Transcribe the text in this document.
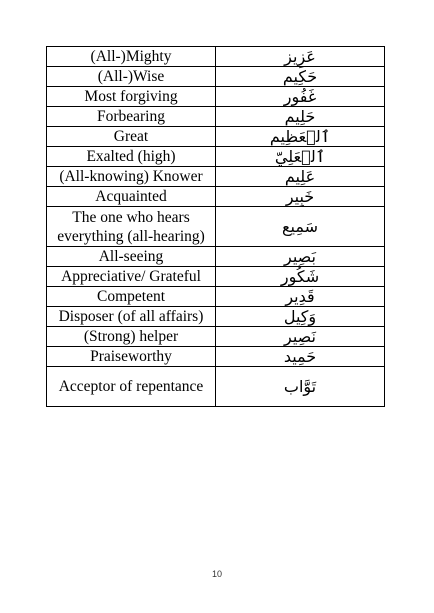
(All-)Mighty	عَزِيز
(All-)Wise	حَكِيم
Most forgiving	غَفُور
Forbearing	حَلِيم
Great	ٱلۡعَظِيم
Exalted (high)	ٱلۡعَلِيّ
(All-knowing) Knower	عَلِيم
Acquainted	خَبِير
The one who hears everything (all-hearing)	سَمِيع
All-seeing	بَصِير
Appreciative/ Grateful	شَكُور
Competent	قَدِير
Disposer (of all affairs)	وَكِيل
(Strong) helper	نَصِير
Praiseworthy	حَمِيد
Acceptor of repentance	تَوَّاب
10
